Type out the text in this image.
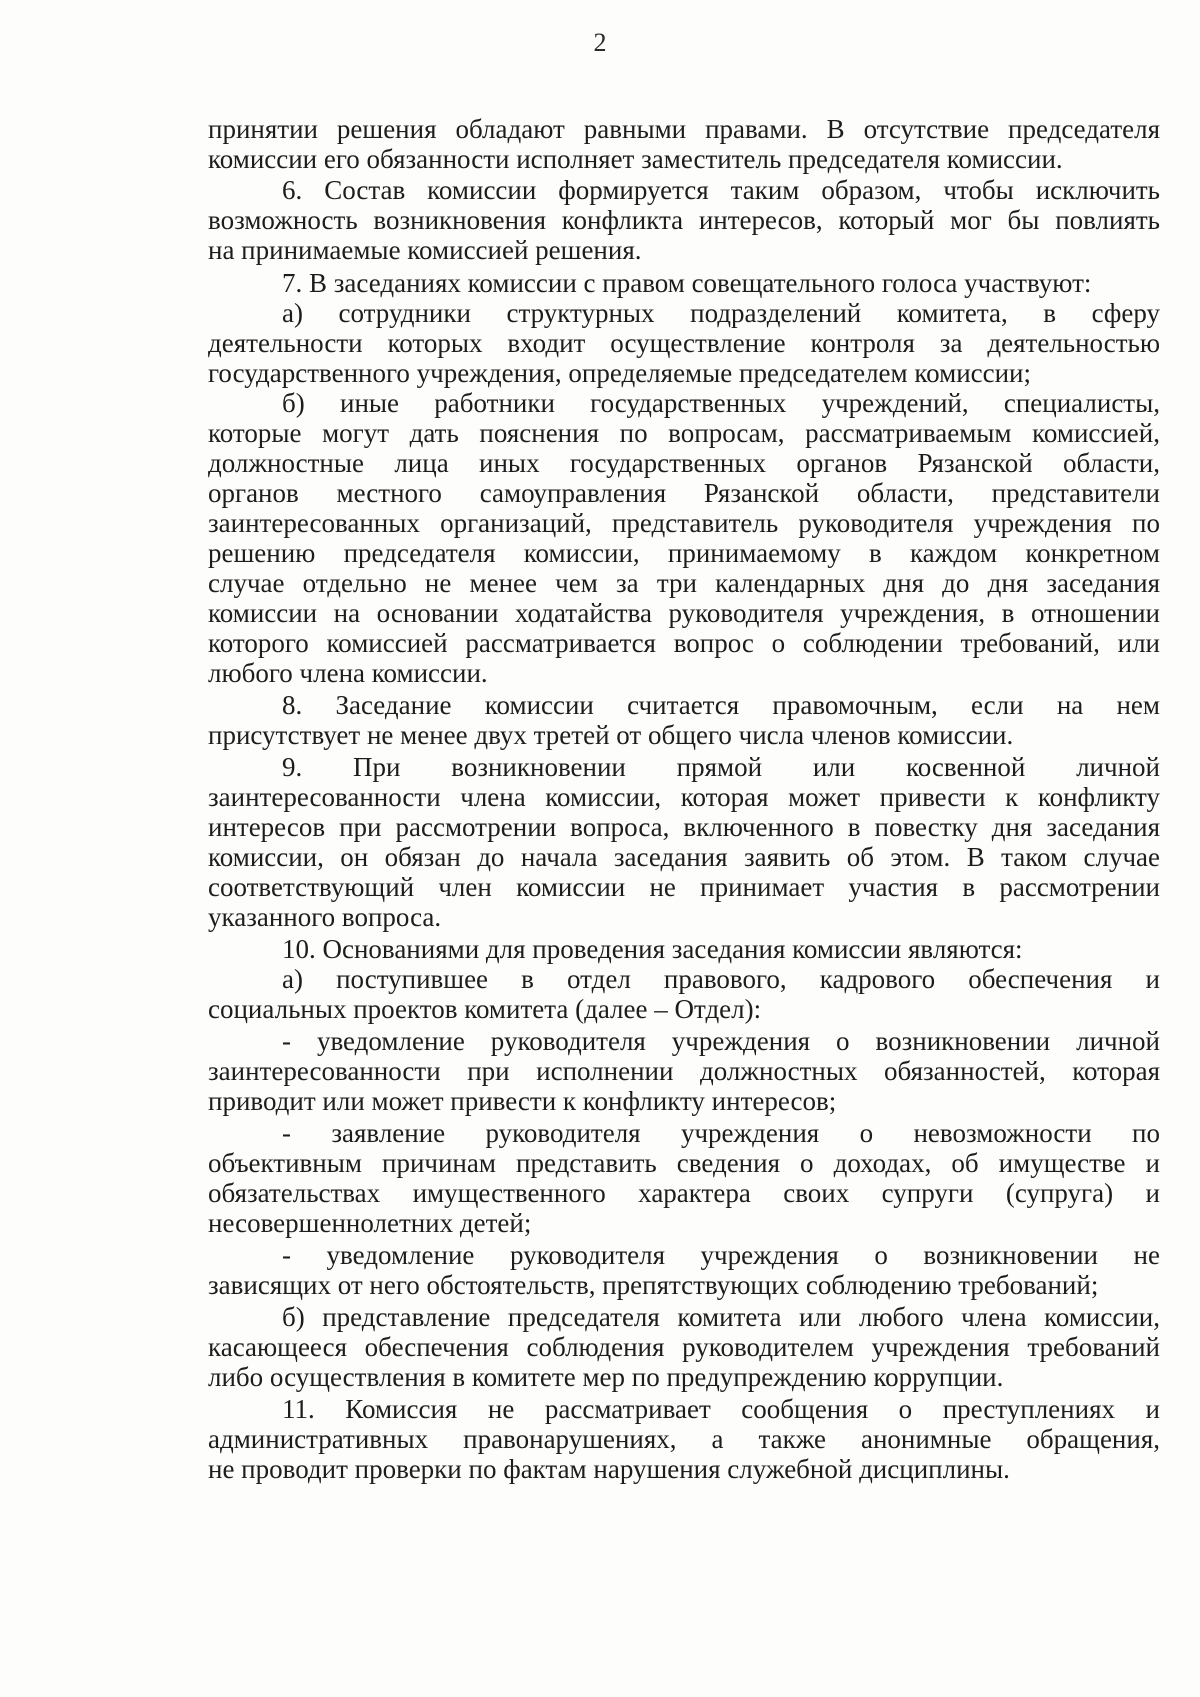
2
принятии решения обладают равными правами. В отсутствие председателя
комиссии его обязанности исполняет заместитель председателя комиссии.
6. Состав комиссии формируется таким образом, чтобы исключить
возможность возникновения конфликта интересов, который мог бы повлиять
на принимаемые комиссией решения.
7. В заседаниях комиссии с правом совещательного голоса участвуют:
а) сотрудники структурных подразделений комитета, в сферу
деятельности которых входит осуществление контроля за деятельностью
государственного учреждения, определяемые председателем комиссии;
б) иные работники государственных учреждений, специалисты,
которые могут дать пояснения по вопросам, рассматриваемым комиссией,
должностные лица иных государственных органов Рязанской области,
органов местного самоуправления Рязанской области, представители
заинтересованных организаций, представитель руководителя учреждения по
решению председателя комиссии, принимаемому в каждом конкретном
случае отдельно не менее чем за три календарных дня до дня заседания
комиссии на основании ходатайства руководителя учреждения, в отношении
которого комиссией рассматривается вопрос о соблюдении требований, или
любого члена комиссии.
8. Заседание комиссии считается правомочным, если на нем
присутствует не менее двух третей от общего числа членов комиссии.
9. При возникновении прямой или косвенной личной
заинтересованности члена комиссии, которая может привести к конфликту
интересов при рассмотрении вопроса, включенного в повестку дня заседания
комиссии, он обязан до начала заседания заявить об этом. В таком случае
соответствующий член комиссии не принимает участия в рассмотрении
указанного вопроса.
10. Основаниями для проведения заседания комиссии являются:
а) поступившее в отдел правового, кадрового обеспечения и
социальных проектов комитета (далее – Отдел):
- уведомление руководителя учреждения о возникновении личной
заинтересованности при исполнении должностных обязанностей, которая
приводит или может привести к конфликту интересов;
- заявление руководителя учреждения о невозможности по
объективным причинам представить сведения о доходах, об имуществе и
обязательствах имущественного характера своих супруги (супруга) и
несовершеннолетних детей;
- уведомление руководителя учреждения о возникновении не
зависящих от него обстоятельств, препятствующих соблюдению требований;
б) представление председателя комитета или любого члена комиссии,
касающееся обеспечения соблюдения руководителем учреждения требований
либо осуществления в комитете мер по предупреждению коррупции.
11. Комиссия не рассматривает сообщения о преступлениях и
административных правонарушениях, а также анонимные обращения,
не проводит проверки по фактам нарушения служебной дисциплины.
